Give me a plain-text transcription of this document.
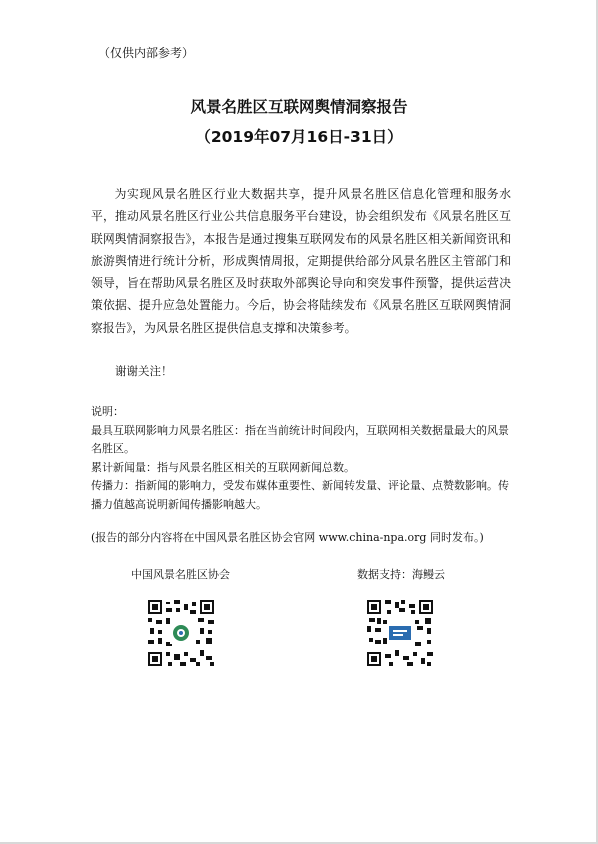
（仅供内部参考）
风景名胜区互联网舆情洞察报告
（2019年07月16日-31日）
为实现风景名胜区行业大数据共享，提升风景名胜区信息化管理和服务水平，推动风景名胜区行业公共信息服务平台建设，协会组织发布《风景名胜区互联网舆情洞察报告》，本报告是通过搜集互联网发布的风景名胜区相关新闻资讯和旅游舆情进行统计分析，形成舆情周报，定期提供给部分风景名胜区主管部门和领导，旨在帮助风景名胜区及时获取外部舆论导向和突发事件预警，提供运营决策依据、提升应急处置能力。今后，协会将陆续发布《风景名胜区互联网舆情洞察报告》，为风景名胜区提供信息支撑和决策参考。
谢谢关注！
说明：
最具互联网影响力风景名胜区：指在当前统计时间段内，互联网相关数据量最大的风景名胜区。
累计新闻量：指与风景名胜区相关的互联网新闻总数。
传播力：指新闻的影响力，受发布媒体重要性、新闻转发量、评论量、点赞数影响。传播力值越高说明新闻传播影响越大。
(报告的部分内容将在中国风景名胜区协会官网 www.china-npa.org 同时发布。)
中国风景名胜区协会	数据支持：海鳗云
